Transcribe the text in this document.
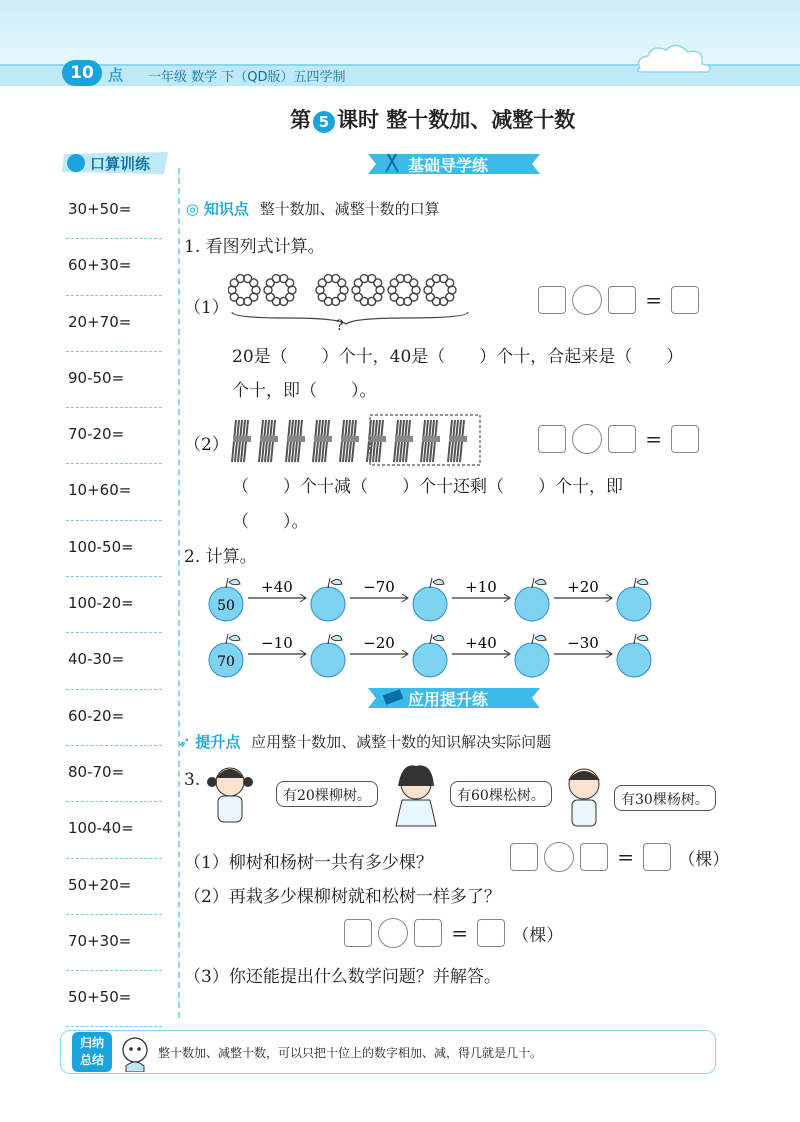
10 点 一年级 数学 下（QD版）五四学制
第 5 课时 整十数加、减整十数
口算训练
30+50=
60+30=
20+70=
90-50=
70-20=
10+60=
100-50=
100-20=
40-30=
60-20=
80-70=
100-40=
50+20=
70+30=
50+50=
基础导学练
◎ 知识点 整十数加、减整十数的口算
1. 看图列式计算。
（1）
?
=
20是（　　）个十，40是（　　）个十，合起来是（　　）
个十，即（　　）。
（2）	=
（　　）个十减（　　）个十还剩（　　）个十，即
（　　）。
2. 计算。
50
+40	−70	+10	+20
70
−10	−20	+40	−30
应用提升练
➶ 提升点 应用整十数加、减整十数的知识解决实际问题
3.
有20棵柳树。	有60棵松树。	有30棵杨树。
（1）柳树和杨树一共有多少棵？	=	（棵）
（2）再栽多少棵柳树就和松树一样多了？
=	（棵）
（3）你还能提出什么数学问题？并解答。
归纳
总结	整十数加、减整十数，可以只把十位上的数字相加、减，得几就是几十。
